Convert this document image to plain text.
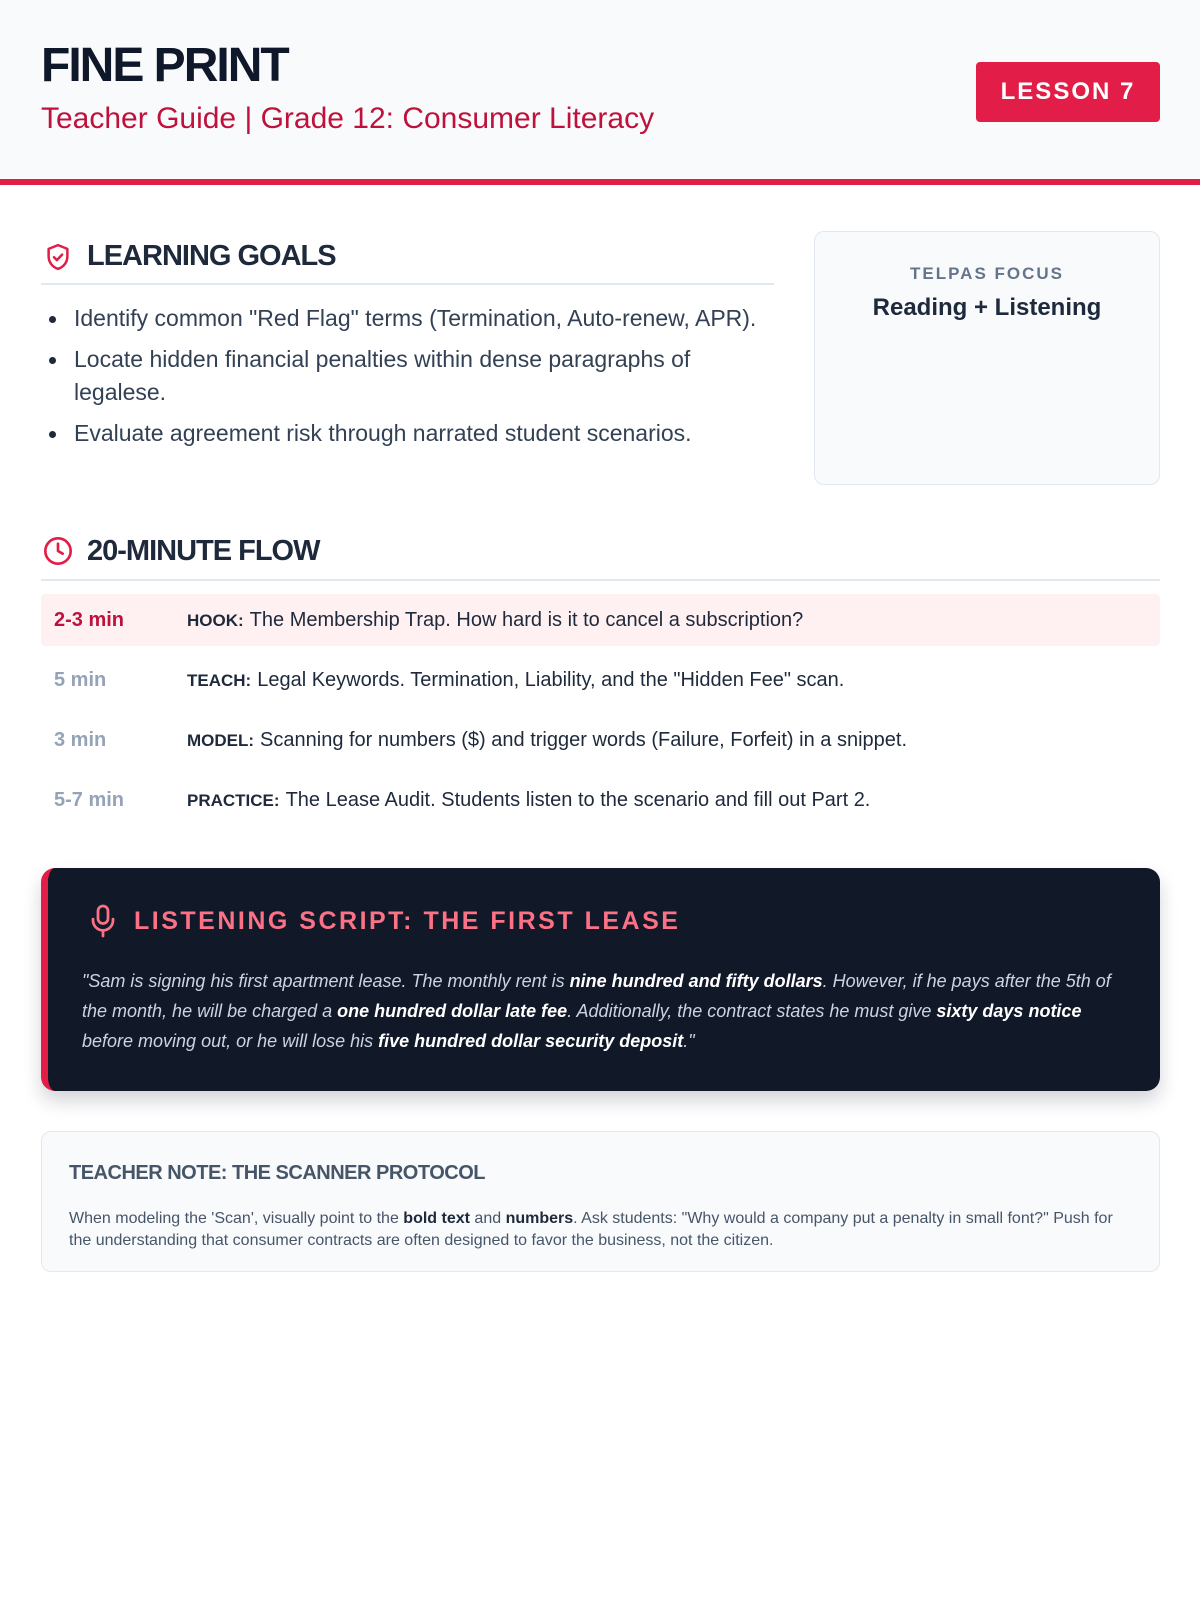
FINE PRINT
Teacher Guide | Grade 12: Consumer Literacy
LESSON 7
LEARNING GOALS
Identify common "Red Flag" terms (Termination, Auto-renew, APR).
Locate hidden financial penalties within dense paragraphs of legalese.
Evaluate agreement risk through narrated student scenarios.
TELPAS FOCUS
Reading + Listening
20-MINUTE FLOW
2-3 min	HOOK: The Membership Trap. How hard is it to cancel a subscription?
5 min	TEACH: Legal Keywords. Termination, Liability, and the "Hidden Fee" scan.
3 min	MODEL: Scanning for numbers ($) and trigger words (Failure, Forfeit) in a snippet.
5-7 min	PRACTICE: The Lease Audit. Students listen to the scenario and fill out Part 2.
LISTENING SCRIPT: THE FIRST LEASE

"Sam is signing his first apartment lease. The monthly rent is nine hundred and fifty dollars. However, if he pays after the 5th of the month, he will be charged a one hundred dollar late fee. Additionally, the contract states he must give sixty days notice before moving out, or he will lose his five hundred dollar security deposit."

TEACHER NOTE: THE SCANNER PROTOCOL

When modeling the 'Scan', visually point to the bold text and numbers. Ask students: "Why would a company put a penalty in small font?" Push for the understanding that consumer contracts are often designed to favor the business, not the citizen.
